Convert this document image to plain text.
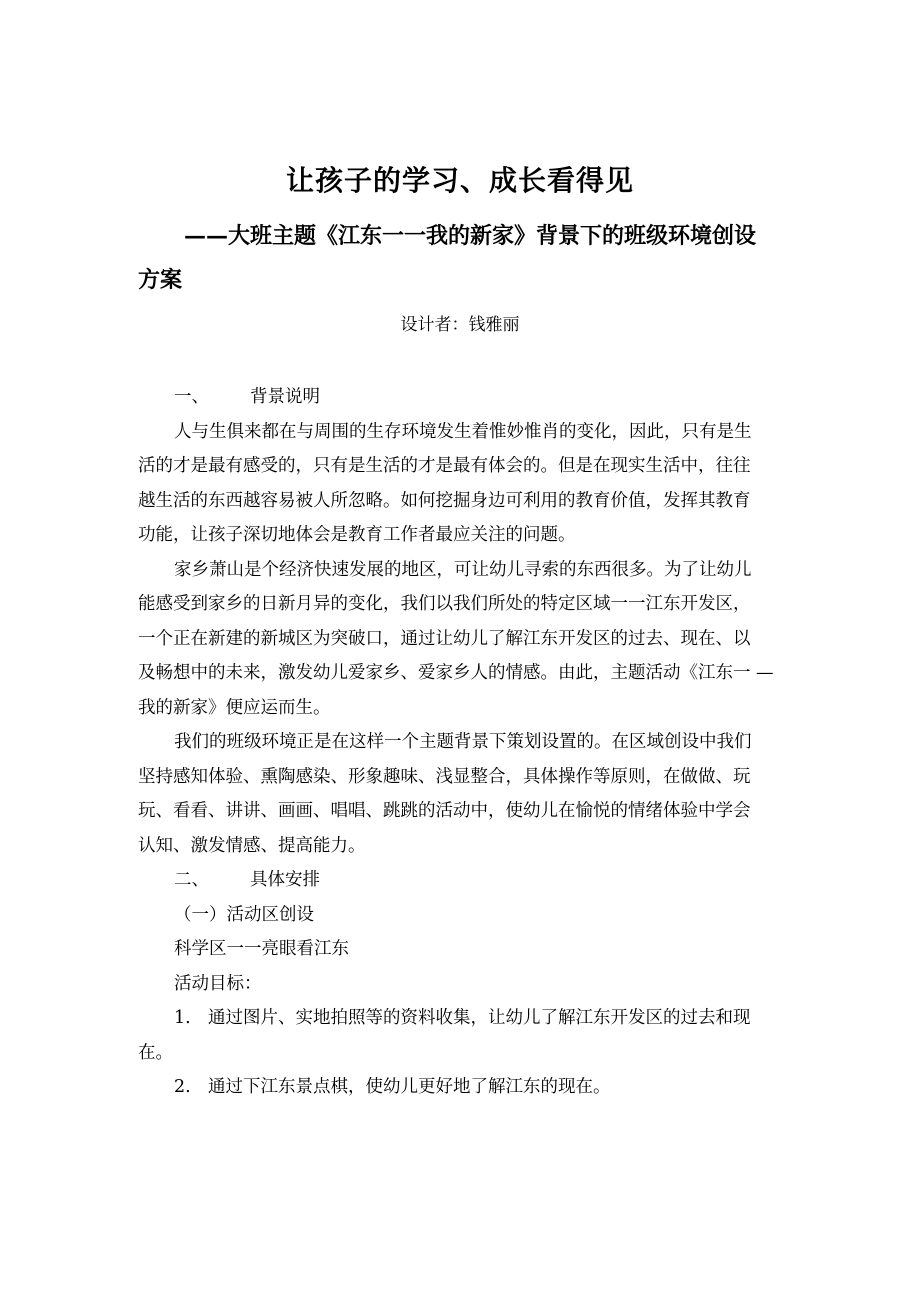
让孩子的学习、成长看得见
——大班主题《江东一一我的新家》背景下的班级环境创设
方案
设计者：钱雅丽
一、 背景说明
人与生俱来都在与周围的生存环境发生着惟妙惟肖的变化，因此，只有是生
活的才是最有感受的，只有是生活的才是最有体会的。但是在现实生活中，往往
越生活的东西越容易被人所忽略。如何挖掘身边可利用的教育价值，发挥其教育
功能，让孩子深切地体会是教育工作者最应关注的问题。
家乡萧山是个经济快速发展的地区，可让幼儿寻索的东西很多。为了让幼儿
能感受到家乡的日新月异的变化，我们以我们所处的特定区域一一江东开发区，
一个正在新建的新城区为突破口，通过让幼儿了解江东开发区的过去、现在、以
及畅想中的未来，激发幼儿爱家乡、爱家乡人的情感。由此，主题活动《江东一 —
我的新家》便应运而生。
我们的班级环境正是在这样一个主题背景下策划设置的。在区域创设中我们
坚持感知体验、熏陶感染、形象趣味、浅显整合，具体操作等原则，在做做、玩
玩、看看、讲讲、画画、唱唱、跳跳的活动中，使幼儿在愉悦的情绪体验中学会
认知、激发情感、提高能力。
二、 具体安排
（一）活动区创设
科学区一一亮眼看江东
活动目标：
1. 通过图片、实地拍照等的资料收集，让幼儿了解江东开发区的过去和现
在。
2. 通过下江东景点棋，使幼儿更好地了解江东的现在。
